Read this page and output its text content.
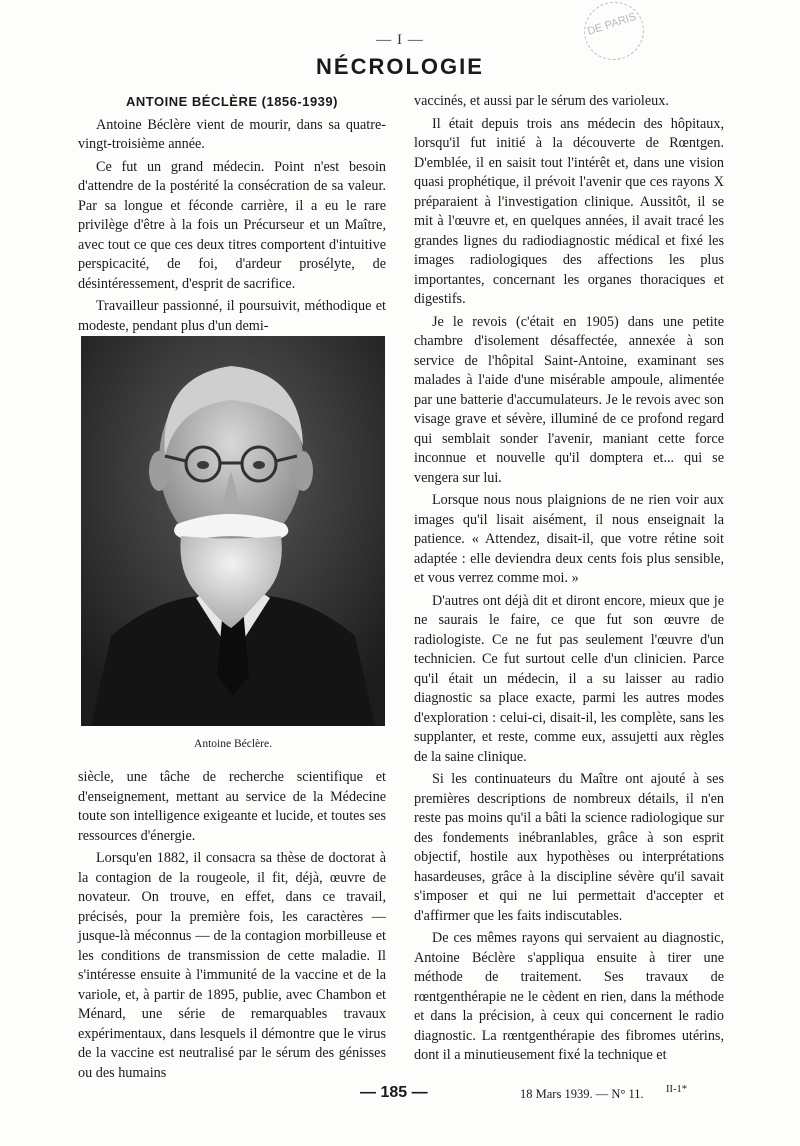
— I —
DE PARIS
NÉCROLOGIE
ANTOINE BÉCLÈRE (1856-1939)

Antoine Béclère vient de mourir, dans sa quatre-vingt-troisième année.

Ce fut un grand médecin. Point n'est besoin d'attendre de la postérité la consécration de sa valeur. Par sa longue et féconde carrière, il a eu le rare privilège d'être à la fois un Précurseur et un Maître, avec tout ce que ces deux titres comportent d'intuitive perspicacité, de foi, d'ardeur prosélyte, de désintéressement, d'esprit de sacrifice.

Travailleur passionné, il poursuivit, méthodique et modeste, pendant plus d'un demi-

Antoine Béclère.

siècle, une tâche de recherche scientifique et d'enseignement, mettant au service de la Médecine toute son intelligence exigeante et lucide, et toutes ses ressources d'énergie.

Lorsqu'en 1882, il consacra sa thèse de doctorat à la contagion de la rougeole, il fit, déjà, œuvre de novateur. On trouve, en effet, dans ce travail, précisés, pour la première fois, les caractères — jusque-là méconnus — de la contagion morbilleuse et les conditions de transmission de cette maladie. Il s'intéresse ensuite à l'immunité de la vaccine et de la variole, et, à partir de 1895, publie, avec Chambon et Ménard, une série de remarquables travaux expérimentaux, dans lesquels il démontre que le virus de la vaccine est neutralisé par le sérum des génisses ou des humains

vaccinés, et aussi par le sérum des varioleux.

Il était depuis trois ans médecin des hôpitaux, lorsqu'il fut initié à la découverte de Rœntgen. D'emblée, il en saisit tout l'intérêt et, dans une vision quasi prophétique, il prévoit l'avenir que ces rayons X préparaient à l'investigation clinique. Aussitôt, il se mit à l'œuvre et, en quelques années, il avait tracé les grandes lignes du radiodiagnostic médical et fixé les images radiologiques des affections les plus importantes, concernant les organes thoraciques et digestifs.

Je le revois (c'était en 1905) dans une petite chambre d'isolement désaffectée, annexée à son service de l'hôpital Saint-Antoine, examinant ses malades à l'aide d'une misérable ampoule, alimentée par une batterie d'accumulateurs. Je le revois avec son visage grave et sévère, illuminé de ce profond regard qui semblait sonder l'avenir, maniant cette force inconnue et nouvelle qu'il domptera et... qui se vengera sur lui.

Lorsque nous nous plaignions de ne rien voir aux images qu'il lisait aisément, il nous enseignait la patience. « Attendez, disait-il, que votre rétine soit adaptée : elle deviendra deux cents fois plus sensible, et vous verrez comme moi. »

D'autres ont déjà dit et diront encore, mieux que je ne saurais le faire, ce que fut son œuvre de radiologiste. Ce ne fut pas seulement l'œuvre d'un technicien. Ce fut surtout celle d'un clinicien. Parce qu'il était un médecin, il a su laisser au radio diagnostic sa place exacte, parmi les autres modes d'exploration : celui-ci, disait-il, les complète, sans les supplanter, et reste, comme eux, assujetti aux règles de la saine clinique.

Si les continuateurs du Maître ont ajouté à ses premières descriptions de nombreux détails, il n'en reste pas moins qu'il a bâti la science radiologique sur des fondements inébranlables, grâce à son esprit objectif, hostile aux hypothèses ou interprétations hasardeuses, grâce à la discipline sévère qu'il savait s'imposer et qui ne lui permettait d'accepter et d'affirmer que les faits indiscutables.

De ces mêmes rayons qui servaient au diagnostic, Antoine Béclère s'appliqua ensuite à tirer une méthode de traitement. Ses travaux de rœntgenthérapie ne le cèdent en rien, dans la méthode et dans la précision, à ceux qui concernent le radio diagnostic. La rœntgenthérapie des fibromes utérins, dont il a minutieusement fixé la technique et

— 185 —	18 Mars 1939. — N° 11. II-1*
